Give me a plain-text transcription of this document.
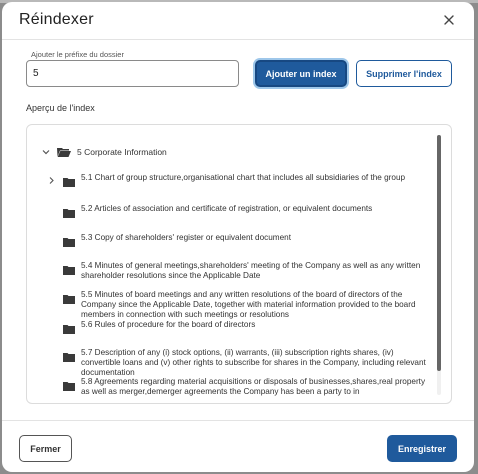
Réindexer
Ajouter le préfixe du dossier
5
Ajouter un index	Supprimer l'index
Aperçu de l'index
5 Corporate Information
5.1 Chart of group structure,organisational chart that includes all subsidiaries of the group
5.2 Articles of association and certificate of registration, or equivalent documents
5.3 Copy of shareholders' register or equivalent document
5.4 Minutes of general meetings,shareholders' meeting of the Company as well as any written shareholder resolutions since the Applicable Date
5.5 Minutes of board meetings and any written resolutions of the board of directors of the Company since the Applicable Date, together with material information provided to the board members in connection with such meetings or resolutions
5.6 Rules of procedure for the board of directors
5.7 Description of any (i) stock options, (ii) warrants, (iii) subscription rights shares, (iv) convertible loans and (v) other rights to subscribe for shares in the Company, including relevant documentation
5.8 Agreements regarding material acquisitions or disposals of businesses,shares,real property as well as merger,demerger agreements the Company has been a party to in
Fermer	Enregistrer
